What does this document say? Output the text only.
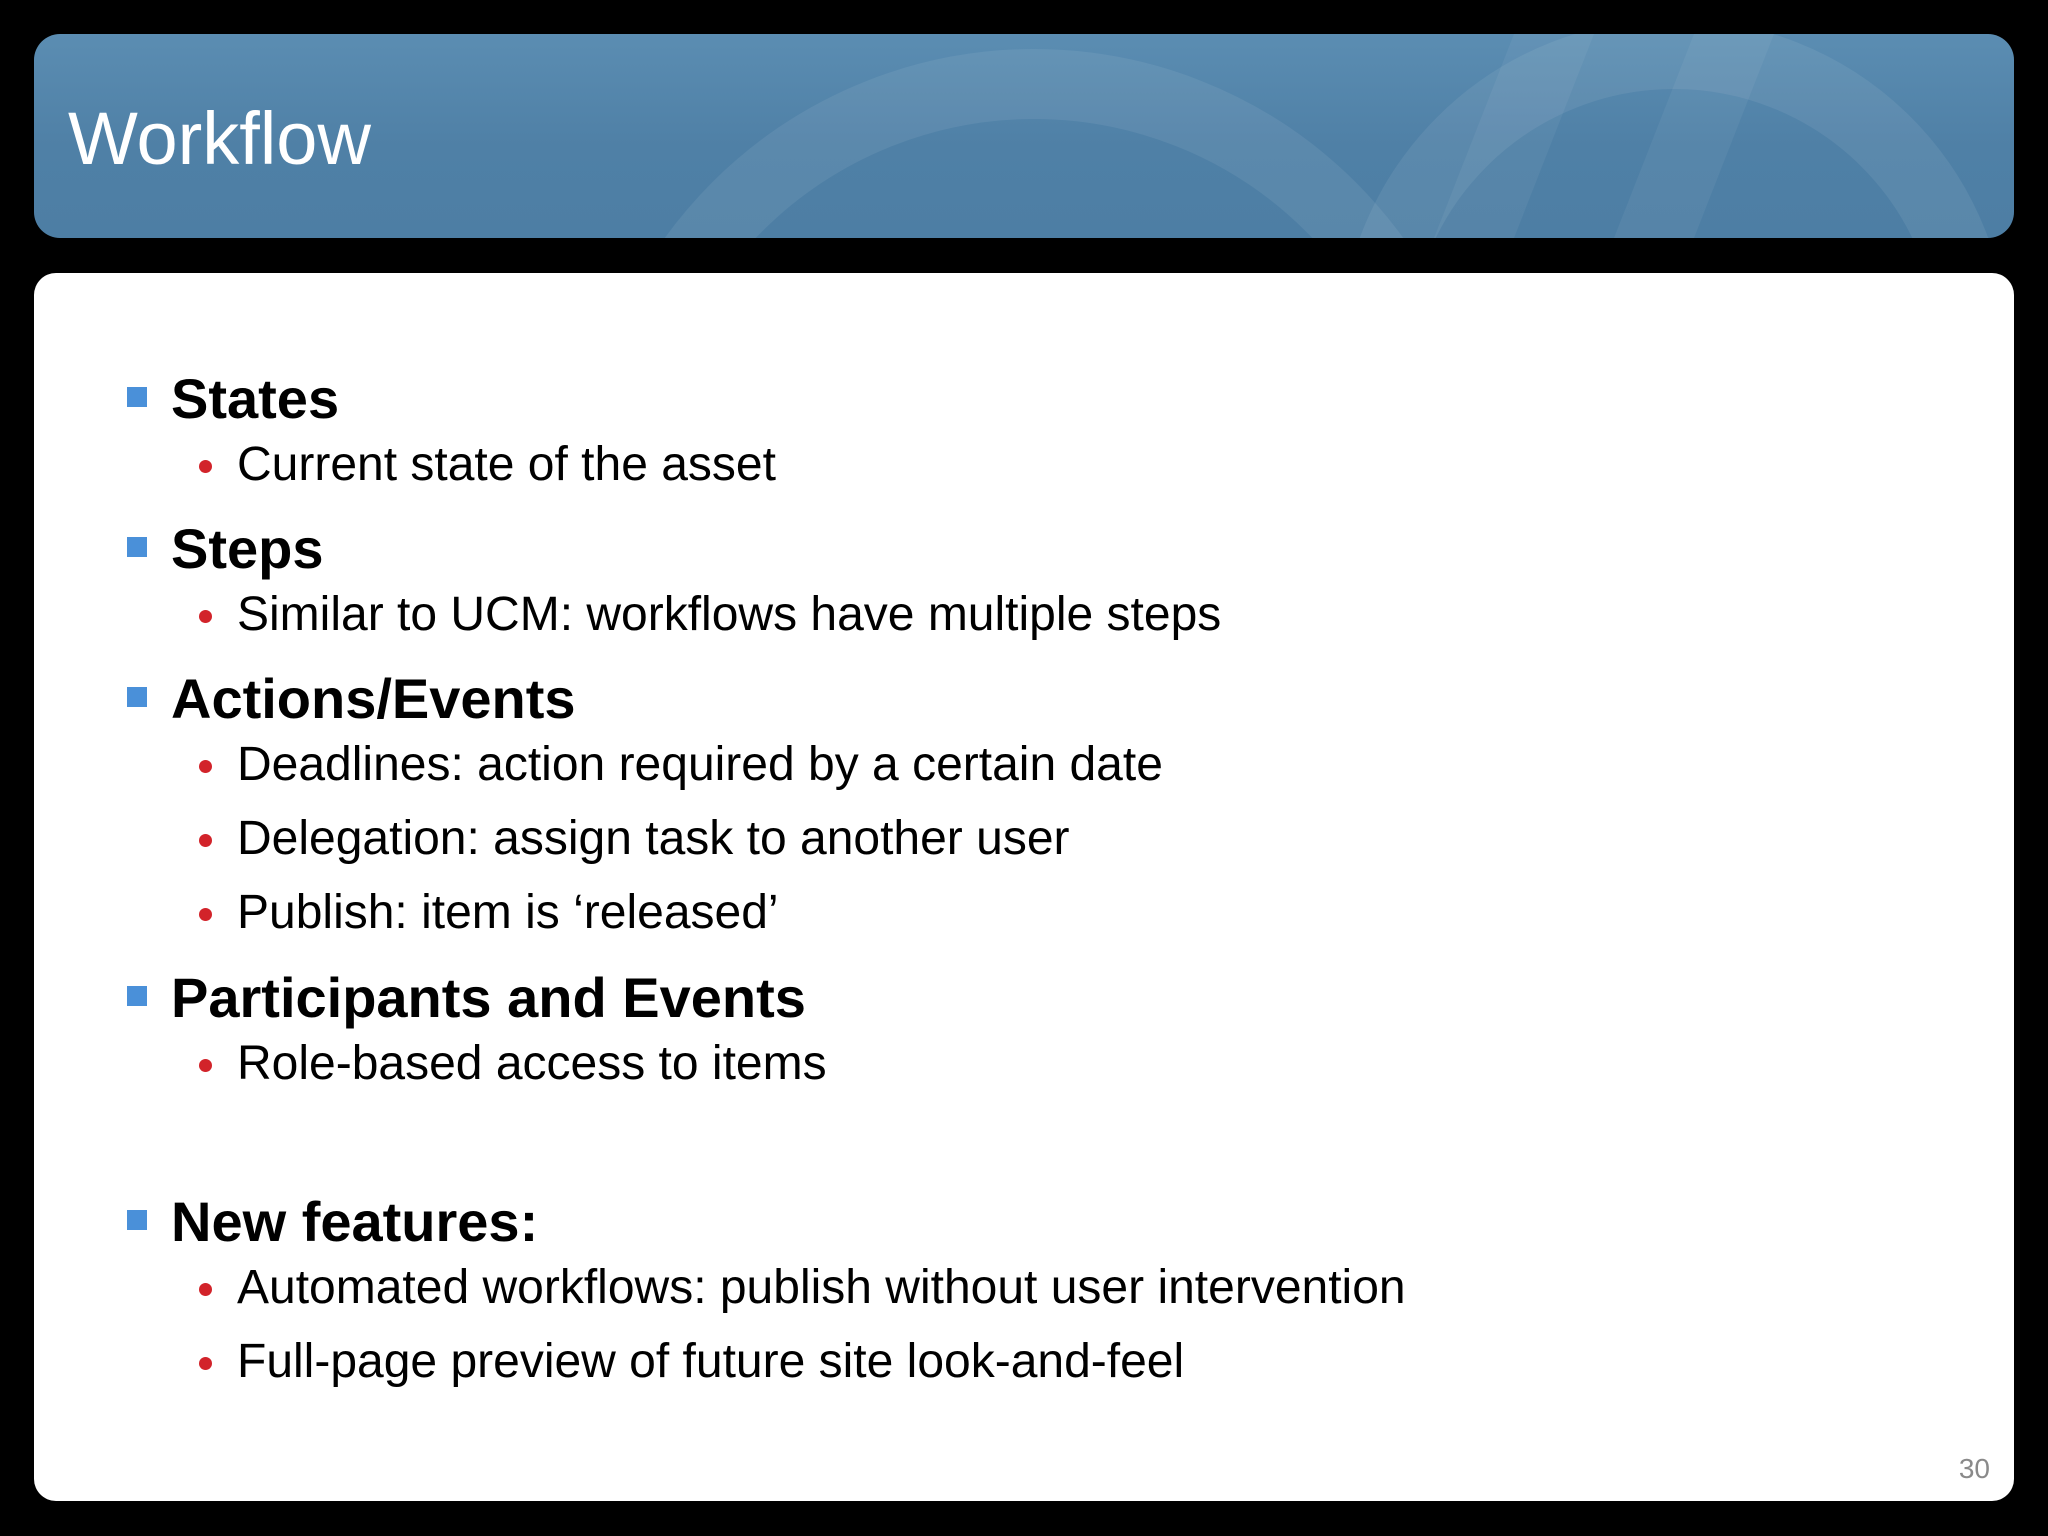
Workflow
States
Current state of the asset
Steps
Similar to UCM: workflows have multiple steps
Actions/Events
Deadlines: action required by a certain date
Delegation: assign task to another user
Publish: item is ‘released’
Participants and Events
Role-based access to items
New features:
Automated workflows: publish without user intervention
Full-page preview of future site look-and-feel
30
